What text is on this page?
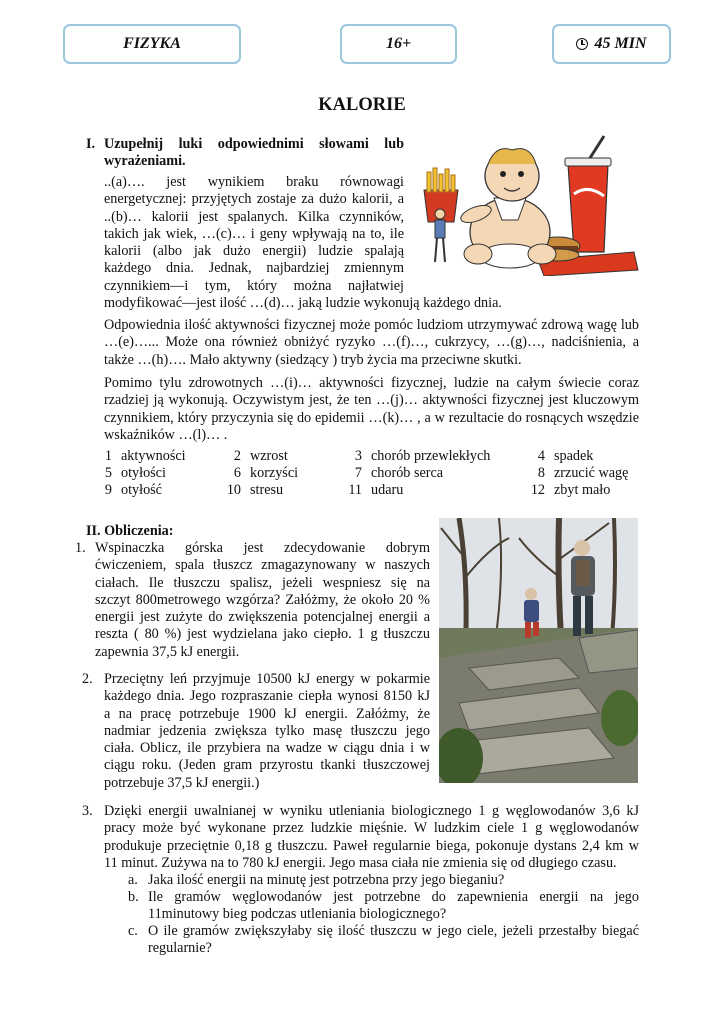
FIZYKA	16+	45 MIN
KALORIE
I. Uzupełnij luki odpowiednimi słowami lub
wyrażeniami.
..(a)…. jest wynikiem braku równowagi
energetycznej: przyjętych zostaje za dużo kalorii, a
..(b)… kalorii jest spalanych. Kilka czynników,
takich jak wiek, …(c)… i geny wpływają na to, ile
kalorii (albo jak dużo energii) ludzie spalają
każdego dnia. Jednak, najbardziej zmiennym
czynnikiem—i tym, który można najłatwiej
modyfikować—jest ilość …(d)… jaką ludzie wykonują każdego dnia.
Odpowiednia ilość aktywności fizycznej może pomóc ludziom utrzymywać zdrową wagę lub …(e)…... Może ona również obniżyć ryzyko …(f)…, cukrzycy, …(g)…, nadciśnienia, a także …(h)…. Mało aktywny (siedzący ) tryb życia ma przeciwne skutki.
Pomimo tylu zdrowotnych …(i)… aktywności fizycznej, ludzie na całym świecie coraz rzadziej ją wykonują. Oczywistym jest, że ten …(j)… aktywności fizycznej jest kluczowym czynnikiem, który przyczynia się do epidemii …(k)… , a w rezultacie do rosnących wszędzie wskaźników …(l)… .
1	aktywności	2	wzrost	3	chorób przewlekłych	4	spadek
5	otyłości	6	korzyści	7	chorób serca	8	zrzucić wagę
9	otyłość	10	stresu	11	udaru	12	zbyt mało
II. Obliczenia:
1. Wspinaczka górska jest zdecydowanie dobrym
ćwiczeniem, spala tłuszcz zmagazynowany w naszych
ciałach. Ile tłuszczu spalisz, jeżeli wespniesz się na
szczyt 800metrowego wzgórza? Załóżmy, że około 20 %
energii jest zużyte do zwiększenia potencjalnej energii a
reszta ( 80 %) jest wydzielana jako ciepło. 1 g tłuszczu
zapewnia 37,5 kJ energii.
2. Przeciętny leń przyjmuje 10500 kJ energy w pokarmie
każdego dnia. Jego rozpraszanie ciepła wynosi 8150 kJ
a na pracę potrzebuje 1900 kJ energii. Załóżmy, że
nadmiar jedzenia zwiększa tylko masę tłuszczu jego
ciała. Oblicz, ile przybiera na wadze w ciągu dnia i w
ciągu roku. (Jeden gram przyrostu tkanki tłuszczowej
potrzebuje 37,5 kJ energii.)
3. Dzięki energii uwalnianej w wyniku utleniania biologicznego 1 g węglowodanów 3,6 kJ
pracy może być wykonane przez ludzkie mięśnie. W ludzkim ciele 1 g węglowodanów
produkuje przeciętnie 0,18 g tłuszczu. Paweł regularnie biega, pokonuje dystans 2,4 km w
11 minut. Zużywa na to 780 kJ energii. Jego masa ciała nie zmienia się od długiego czasu.
a. Jaka ilość energii na minutę jest potrzebna przy jego bieganiu?
b. Ile gramów węglowodanów jest potrzebne do zapewnienia energii na jego
11minutowy bieg podczas utleniania biologicznego?
c. O ile gramów zwiększyłaby się ilość tłuszczu w jego ciele, jeżeli przestałby biegać
regularnie?
